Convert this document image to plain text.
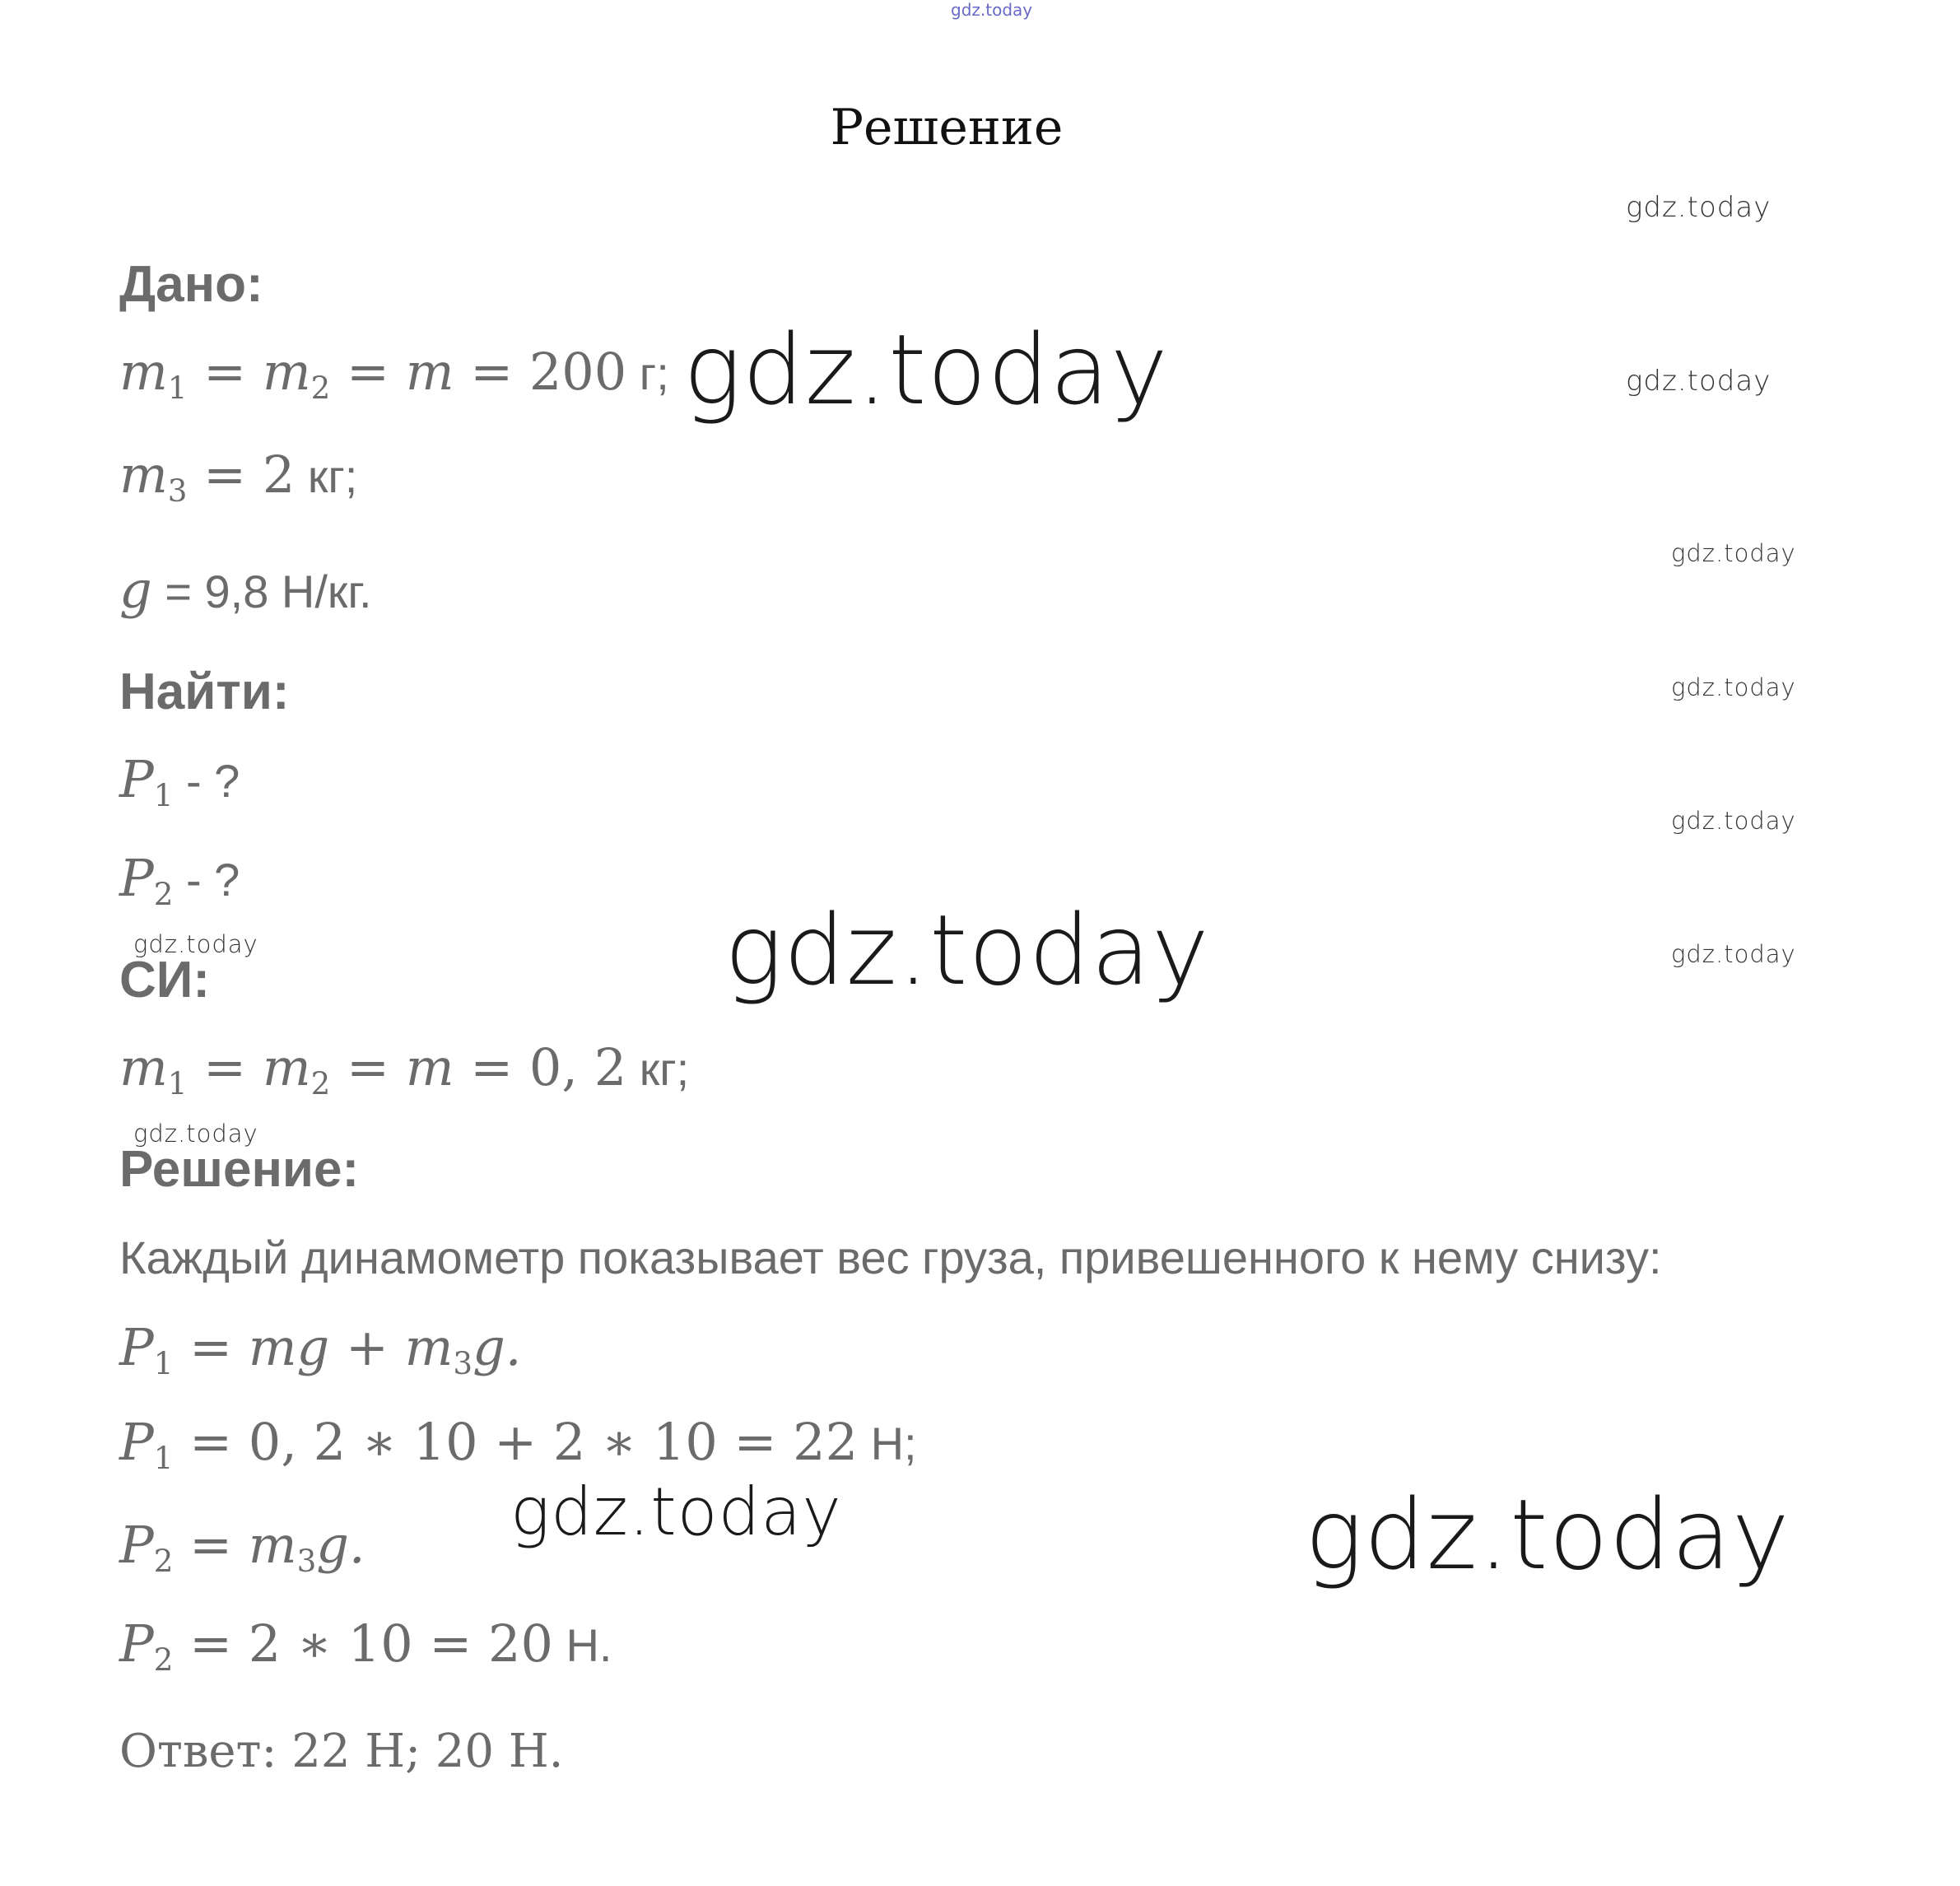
gdz.today
Решение
Дано:
$m_1 = m_2 = m = 200$ г;
$m_3 = 2$ кг;
g = 9,8 Н/кг.
Найти:
$P_1$ - ?
$P_2$ - ?
СИ:
$m_1 = m_2 = m = 0$, 2 кг;
Решение:
Каждый динамометр показывает вес груза, привешенного к нему снизу:
$P_1$ = mg + $m_3g$.
$P_1 = 0$, 2 ∗ 10 + 2 ∗ 10 = 22 Н;
$P_2 = m_3g$.
$P_2 = 2$ ∗ 10 = 20 Н.
Ответ: 22 Н; 20 Н.
gdz.today
gdz.today
gdz.today
gdz.today
gdz.today
gdz.today
gdz.today
gdz.today
gdz.today
gdz.today
gdz.today
gdz.today
